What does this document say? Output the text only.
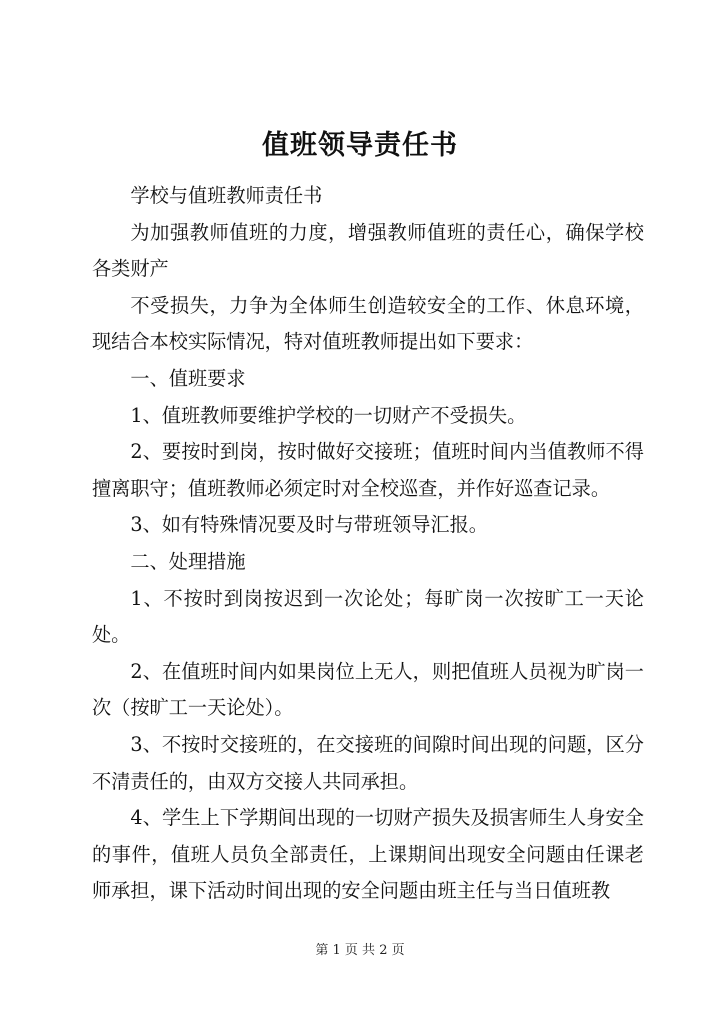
值班领导责任书

学校与值班教师责任书

为加强教师值班的力度，增强教师值班的责任心，确保学校各类财产

不受损失，力争为全体师生创造较安全的工作、休息环境，现结合本校实际情况，特对值班教师提出如下要求：

一、值班要求

1、值班教师要维护学校的一切财产不受损失。

2、要按时到岗，按时做好交接班；值班时间内当值教师不得擅离职守；值班教师必须定时对全校巡查，并作好巡查记录。

3、如有特殊情况要及时与带班领导汇报。

二、处理措施

1、不按时到岗按迟到一次论处；每旷岗一次按旷工一天论处。

2、在值班时间内如果岗位上无人，则把值班人员视为旷岗一次（按旷工一天论处）。

3、不按时交接班的，在交接班的间隙时间出现的问题，区分不清责任的，由双方交接人共同承担。

4、学生上下学期间出现的一切财产损失及损害师生人身安全的事件，值班人员负全部责任，上课期间出现安全问题由任课老师承担，课下活动时间出现的安全问题由班主任与当日值班教

第 1 页 共 2 页
